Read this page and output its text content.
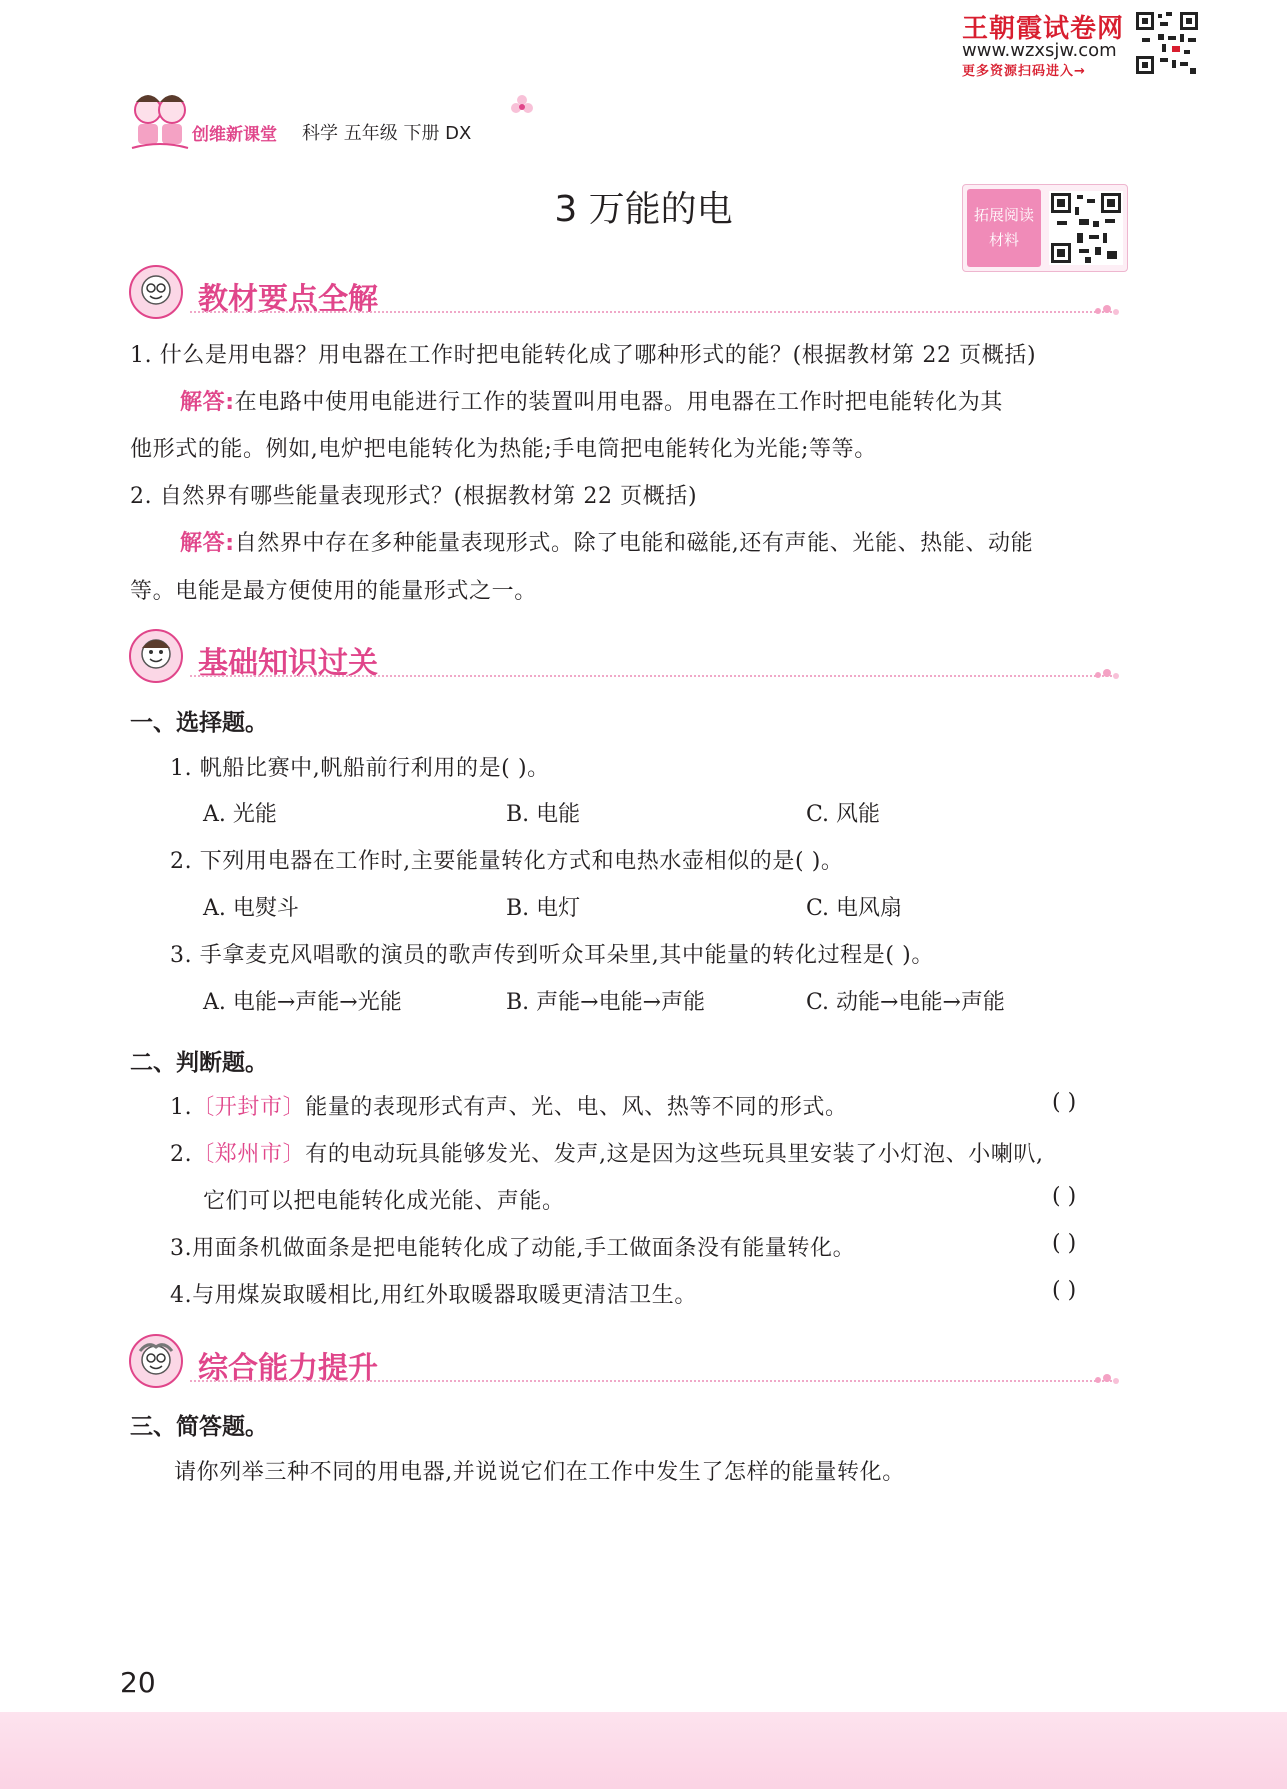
王朝霞试卷网
www.wzxsjw.com
更多资源扫码进入→
创维新课堂 科学 五年级 下册 DX
3 万能的电	拓展阅读
材料
教材要点全解
1. 什么是用电器？用电器在工作时把电能转化成了哪种形式的能？(根据教材第 22 页概括)
解答:在电路中使用电能进行工作的装置叫用电器。用电器在工作时把电能转化为其
他形式的能。例如,电炉把电能转化为热能;手电筒把电能转化为光能;等等。
2. 自然界有哪些能量表现形式？(根据教材第 22 页概括)
解答:自然界中存在多种能量表现形式。除了电能和磁能,还有声能、光能、热能、动能
等。电能是最方便使用的能量形式之一。
基础知识过关
一、选择题。
1. 帆船比赛中,帆船前行利用的是( )。
A. 光能	B. 电能	C. 风能
2. 下列用电器在工作时,主要能量转化方式和电热水壶相似的是( )。
A. 电熨斗	B. 电灯	C. 电风扇
3. 手拿麦克风唱歌的演员的歌声传到听众耳朵里,其中能量的转化过程是( )。
A. 电能→声能→光能	B. 声能→电能→声能	C. 动能→电能→声能
二、判断题。
1.〔开封市〕能量的表现形式有声、光、电、风、热等不同的形式。	( )
2.〔郑州市〕有的电动玩具能够发光、发声,这是因为这些玩具里安装了小灯泡、小喇叭,
它们可以把电能转化成光能、声能。	( )
3.用面条机做面条是把电能转化成了动能,手工做面条没有能量转化。	( )
4.与用煤炭取暖相比,用红外取暖器取暖更清洁卫生。	( )
综合能力提升
三、简答题。
请你列举三种不同的用电器,并说说它们在工作中发生了怎样的能量转化。
20
